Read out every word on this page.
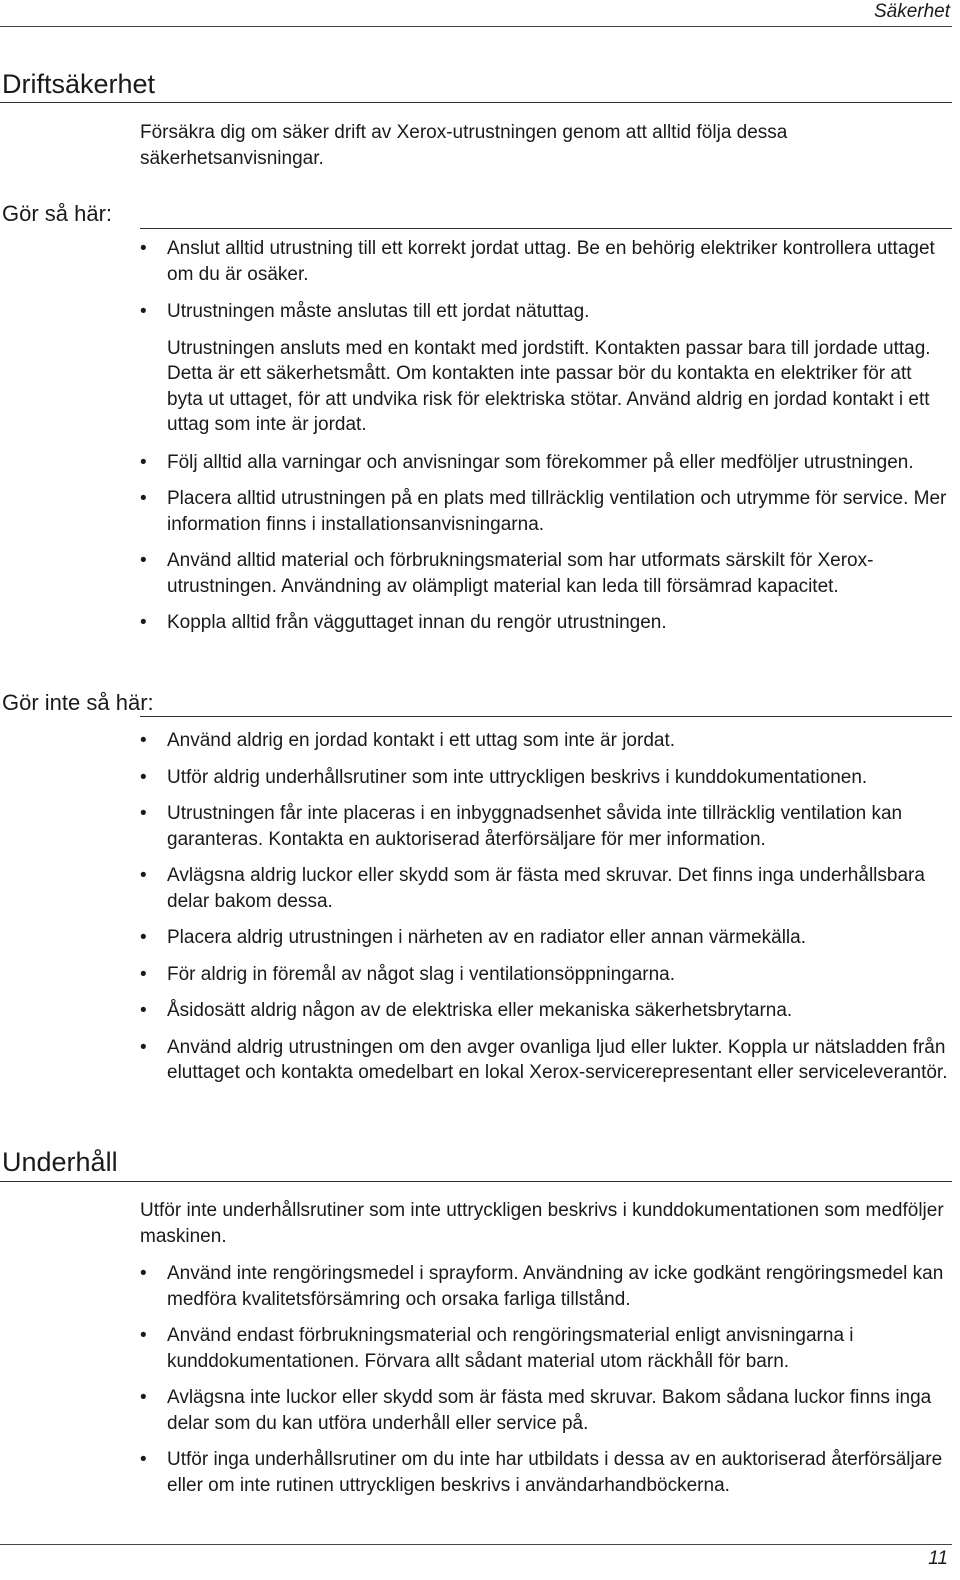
Säkerhet
Driftsäkerhet
Försäkra dig om säker drift av Xerox-utrustningen genom att alltid följa dessa säkerhetsanvisningar.
Gör så här:
• Anslut alltid utrustning till ett korrekt jordat uttag. Be en behörig elektriker kontrollera uttaget om du är osäker.
• Utrustningen måste anslutas till ett jordat nätuttag.
Utrustningen ansluts med en kontakt med jordstift. Kontakten passar bara till jordade uttag. Detta är ett säkerhetsmått. Om kontakten inte passar bör du kontakta en elektriker för att byta ut uttaget, för att undvika risk för elektriska stötar. Använd aldrig en jordad kontakt i ett uttag som inte är jordat.
• Följ alltid alla varningar och anvisningar som förekommer på eller medföljer utrustningen.
• Placera alltid utrustningen på en plats med tillräcklig ventilation och utrymme för service. Mer information finns i installationsanvisningarna.
• Använd alltid material och förbrukningsmaterial som har utformats särskilt för Xerox-utrustningen. Användning av olämpligt material kan leda till försämrad kapacitet.
• Koppla alltid från vägguttaget innan du rengör utrustningen.
Gör inte så här:
• Använd aldrig en jordad kontakt i ett uttag som inte är jordat.
• Utför aldrig underhållsrutiner som inte uttryckligen beskrivs i kunddokumentationen.
• Utrustningen får inte placeras i en inbyggnadsenhet såvida inte tillräcklig ventilation kan garanteras. Kontakta en auktoriserad återförsäljare för mer information.
• Avlägsna aldrig luckor eller skydd som är fästa med skruvar. Det finns inga underhållsbara delar bakom dessa.
• Placera aldrig utrustningen i närheten av en radiator eller annan värmekälla.
• För aldrig in föremål av något slag i ventilationsöppningarna.
• Åsidosätt aldrig någon av de elektriska eller mekaniska säkerhetsbrytarna.
• Använd aldrig utrustningen om den avger ovanliga ljud eller lukter. Koppla ur nätsladden från eluttaget och kontakta omedelbart en lokal Xerox-servicerepresentant eller serviceleverantör.
Underhåll
Utför inte underhållsrutiner som inte uttryckligen beskrivs i kunddokumentationen som medföljer maskinen.
• Använd inte rengöringsmedel i sprayform. Användning av icke godkänt rengöringsmedel kan medföra kvalitetsförsämring och orsaka farliga tillstånd.
• Använd endast förbrukningsmaterial och rengöringsmaterial enligt anvisningarna i kunddokumentationen. Förvara allt sådant material utom räckhåll för barn.
• Avlägsna inte luckor eller skydd som är fästa med skruvar. Bakom sådana luckor finns inga delar som du kan utföra underhåll eller service på.
• Utför inga underhållsrutiner om du inte har utbildats i dessa av en auktoriserad återförsäljare eller om inte rutinen uttryckligen beskrivs i användarhandböckerna.
11
